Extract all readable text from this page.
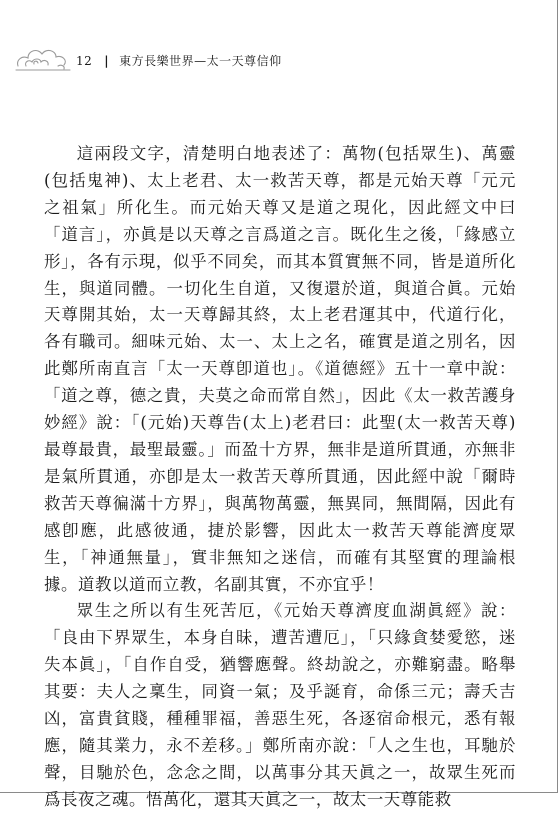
12 | 東方長樂世界—太一天尊信仰

這兩段文字，清楚明白地表述了：萬物(包括眾生)、萬靈(包括鬼神)、太上老君、太一救苦天尊，都是元始天尊「元元之祖氣」所化生。而元始天尊又是道之現化，因此經文中曰「道言」，亦眞是以天尊之言爲道之言。既化生之後，「緣感立形」，各有示現，似乎不同矣，而其本質實無不同，皆是道所化生，與道同體。一切化生自道，又復還於道，與道合眞。元始天尊開其始，太一天尊歸其終，太上老君運其中，代道行化，各有職司。細味元始、太一、太上之名，確實是道之別名，因此鄭所南直言「太一天尊卽道也」。《道德經》五十一章中說：「道之尊，德之貴，夫莫之命而常自然」，因此《太一救苦護身妙經》說：「(元始)天尊告(太上)老君曰：此聖(太一救苦天尊)最尊最貴，最聖最靈。」而盈十方界，無非是道所貫通，亦無非是氣所貫通，亦卽是太一救苦天尊所貫通，因此經中說「爾時救苦天尊徧滿十方界」，與萬物萬靈，無異同，無間隔，因此有感卽應，此感彼通，捷於影響，因此太一救苦天尊能濟度眾生，「神通無量」，實非無知之迷信，而確有其堅實的理論根據。道教以道而立教，名副其實，不亦宜乎！

眾生之所以有生死苦厄，《元始天尊濟度血湖眞經》說：「良由下界眾生，本身自昧，遭苦遭厄」，「只緣貪婪愛慾，迷失本眞」，「自作自受，猶響應聲。終劫說之，亦難窮盡。略舉其要：夫人之稟生，同資一氣；及乎誕育，命係三元；壽夭吉凶，富貴貧賤，種種罪福，善惡生死，各逐宿命根元，悉有報應，隨其業力，永不差移。」鄭所南亦說：「人之生也，耳馳於聲，目馳於色，念念之間，以萬事分其天眞之一，故眾生死而爲長夜之魂。悟萬化，還其天眞之一，故太一天尊能救
